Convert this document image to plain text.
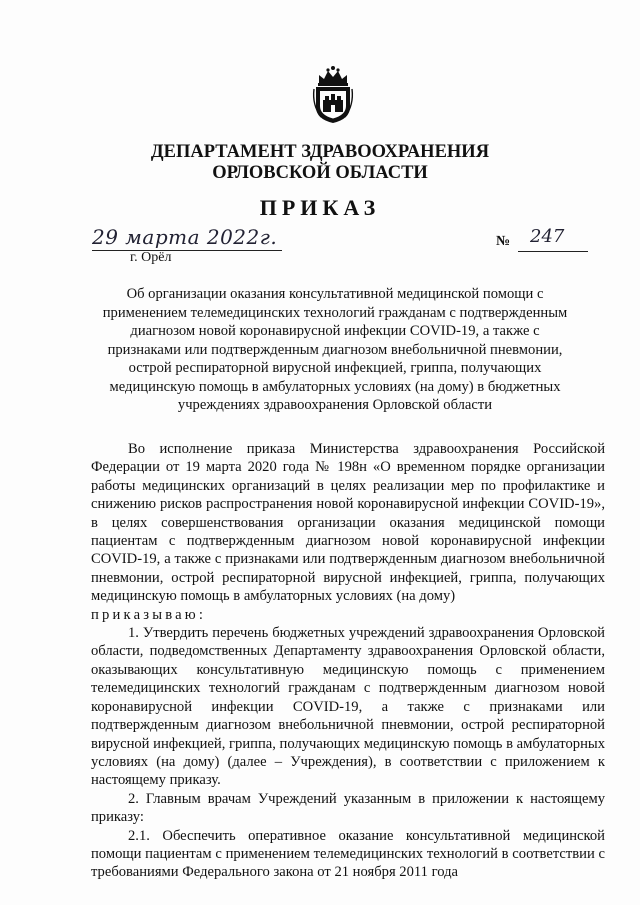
ДЕПАРТАМЕНТ ЗДРАВООХРАНЕНИЯ
ОРЛОВСКОЙ ОБЛАСТИ
ПРИКАЗ
29 марта 2022г.
г. Орёл
№ 247
Об организации оказания консультативной медицинской помощи с применением телемедицинских технологий гражданам с подтвержденным диагнозом новой коронавирусной инфекции COVID-19, а также с признаками или подтвержденным диагнозом внебольничной пневмонии, острой респираторной вирусной инфекцией, гриппа, получающих медицинскую помощь в амбулаторных условиях (на дому) в бюджетных учреждениях здравоохранения Орловской области

Во исполнение приказа Министерства здравоохранения Российской Федерации от 19 марта 2020 года № 198н «О временном порядке организации работы медицинских организаций в целях реализации мер по профилактике и снижению рисков распространения новой коронавирусной инфекции COVID-19», в целях совершенствования организации оказания медицинской помощи пациентам с подтвержденным диагнозом новой коронавирусной инфекции COVID-19, а также с признаками или подтвержденным диагнозом внебольничной пневмонии, острой респираторной вирусной инфекцией, гриппа, получающих медицинскую помощь в амбулаторных условиях (на дому)

приказываю:

1. Утвердить перечень бюджетных учреждений здравоохранения Орловской области, подведомственных Департаменту здравоохранения Орловской области, оказывающих консультативную медицинскую помощь с применением телемедицинских технологий гражданам с подтвержденным диагнозом новой коронавирусной инфекции COVID-19, а также с признаками или подтвержденным диагнозом внебольничной пневмонии, острой респираторной вирусной инфекцией, гриппа, получающих медицинскую помощь в амбулаторных условиях (на дому) (далее – Учреждения), в соответствии с приложением к настоящему приказу.

2. Главным врачам Учреждений указанным в приложении к настоящему приказу:

2.1. Обеспечить оперативное оказание консультативной медицинской помощи пациентам с применением телемедицинских технологий в соответствии с требованиями Федерального закона от 21 ноября 2011 года
